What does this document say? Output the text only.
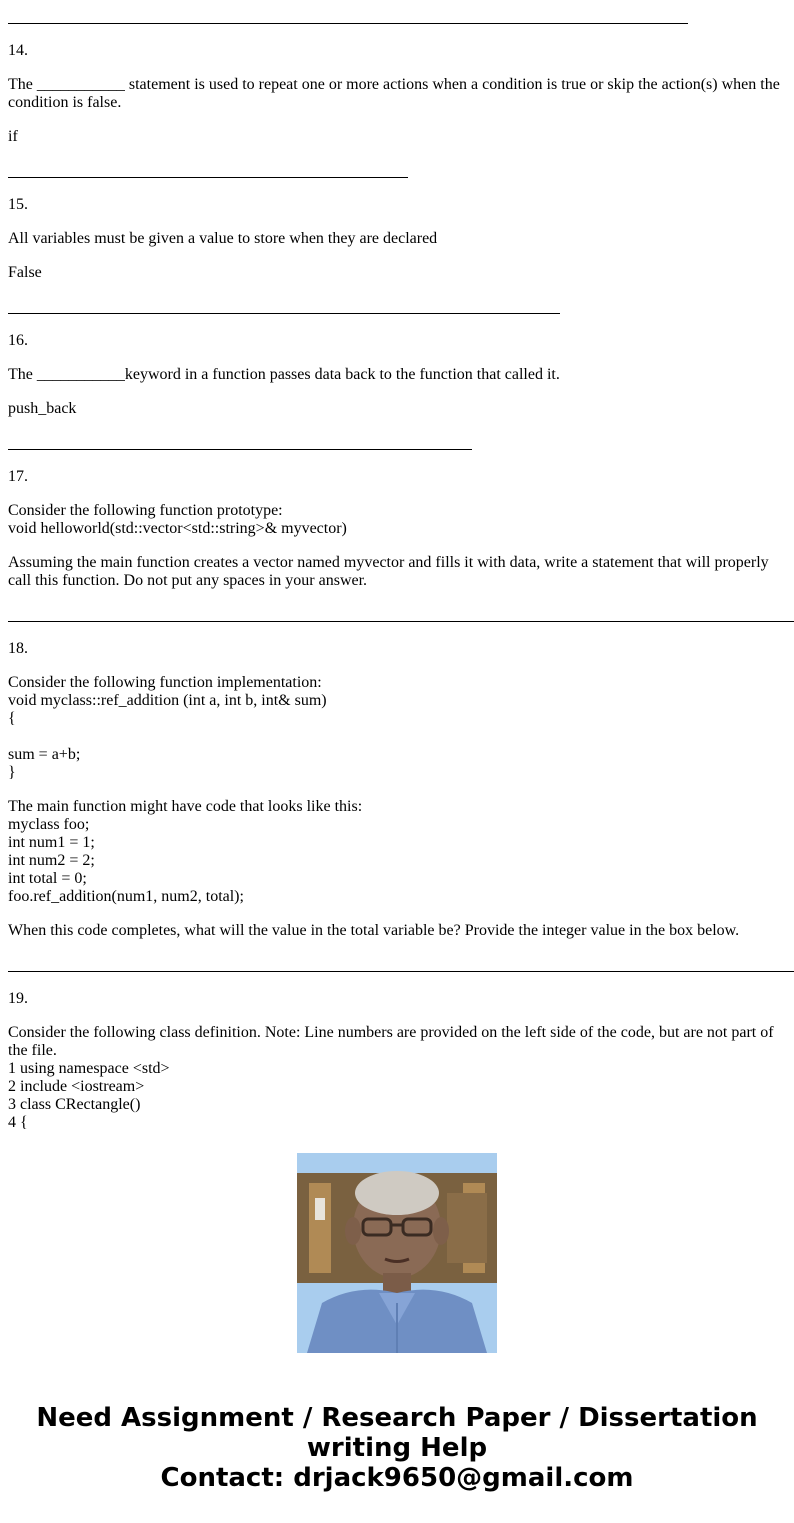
14.
The ___________ statement is used to repeat one or more actions when a condition is true or skip the action(s) when the condition is false.
if
15.
All variables must be given a value to store when they are declared
False
16.
The ___________keyword in a function passes data back to the function that called it.
push_back
17.
Consider the following function prototype:
void helloworld(std::vector<std::string>& myvector)
Assuming the main function creates a vector named myvector and fills it with data, write a statement that will properly call this function. Do not put any spaces in your answer.
18.
Consider the following function implementation:
void myclass::ref_addition (int a, int b, int& sum)
{

sum = a+b;
}
The main function might have code that looks like this:
myclass foo;
int num1 = 1;
int num2 = 2;
int total = 0;
foo.ref_addition(num1, num2, total);
When this code completes, what will the value in the total variable be? Provide the integer value in the box below.
19.
Consider the following class definition. Note: Line numbers are provided on the left side of the code, but are not part of the file.
1 using namespace <std>
2 include <iostream>
3 class CRectangle()
4 {
Need Assignment / Research Paper / Dissertation
writing Help
Contact: drjack9650@gmail.com
